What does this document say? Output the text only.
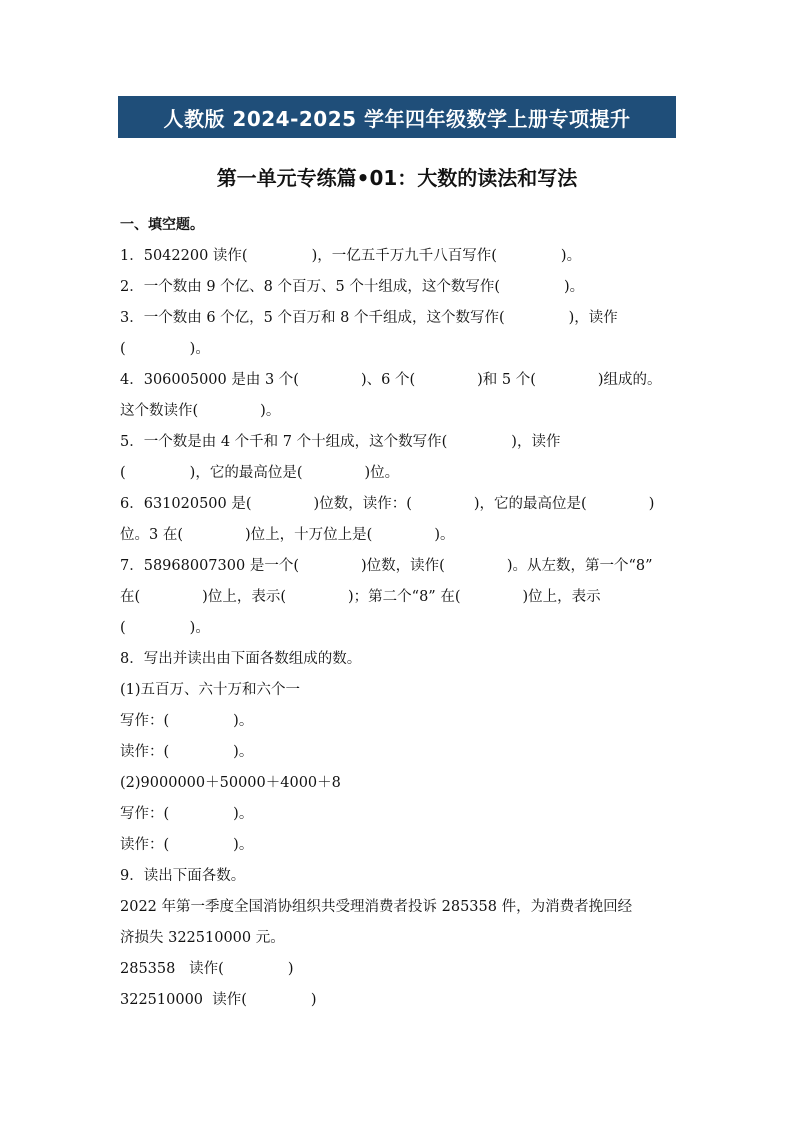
人教版 2024-2025 学年四年级数学上册专项提升
第一单元专练篇•01：大数的读法和写法
一、填空题。
1．5042200 读作(	)，一亿五千万九千八百写作(	)。
2．一个数由 9 个亿、8 个百万、5 个十组成，这个数写作(	)。
3．一个数由 6 个亿，5 个百万和 8 个千组成，这个数写作(	)，读作
(	)。
4．306005000 是由 3 个(	)、6 个(	)和 5 个(	)组成的。
这个数读作(	)。
5．一个数是由 4 个千和 7 个十组成，这个数写作(	)，读作
(	)，它的最高位是(	)位。
6．631020500 是(	)位数，读作：(	)，它的最高位是(	)
位。3 在(	)位上，十万位上是(	)。
7．58968007300 是一个(	)位数，读作(	)。从左数，第一个“8”
在(	)位上，表示(	)；第二个“8” 在(	)位上，表示
(	)。
8．写出并读出由下面各数组成的数。
(1)五百万、六十万和六个一
写作：(	)。
读作：(	)。
(2)9000000＋50000＋4000＋8
写作：(	)。
读作：(	)。
9．读出下面各数。
2022 年第一季度全国消协组织共受理消费者投诉 285358 件，为消费者挽回经
济损失 322510000 元。
285358   读作(	)
322510000  读作(	)
